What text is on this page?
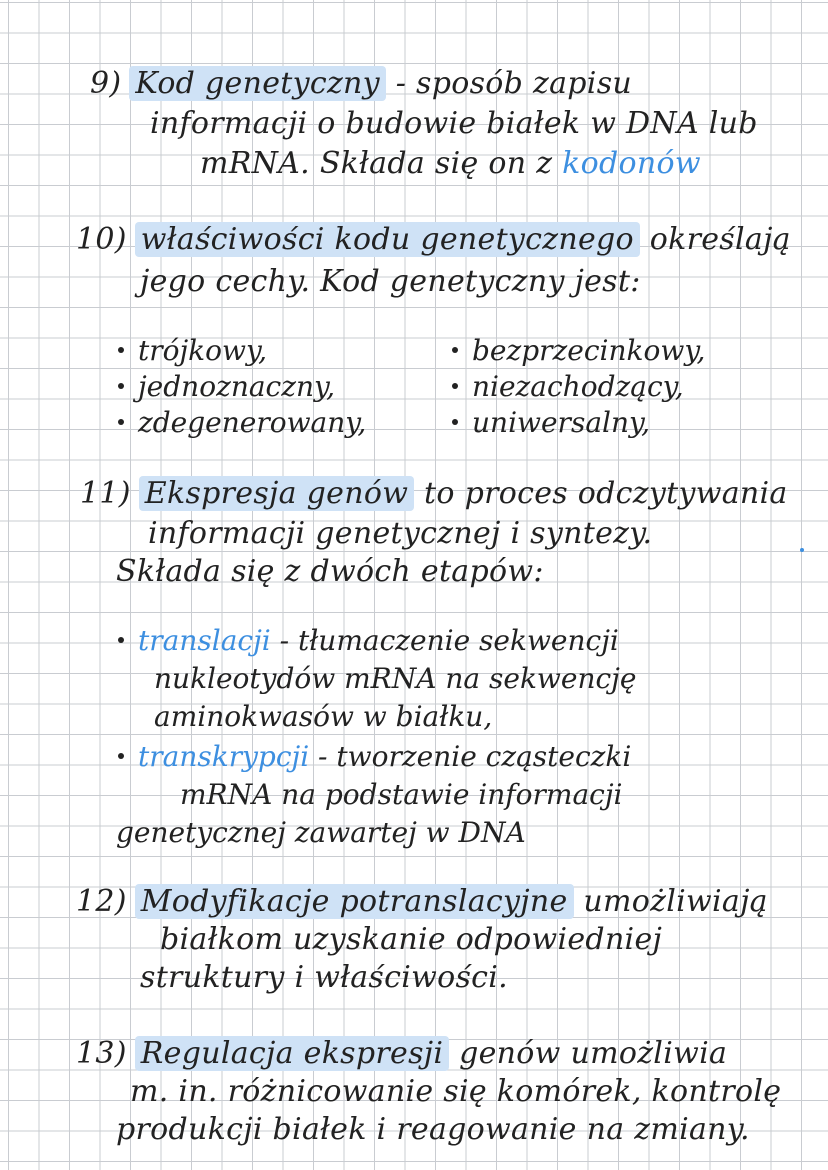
9) Kod genetyczny - sposób zapisu
informacji o budowie białek w DNA lub
mRNA. Składa się on z kodonów
10) właściwości kodu genetycznego określają
jego cechy. Kod genetyczny jest:
trójkowy,
jednoznaczny,
zdegenerowany,
bezprzecinkowy,
niezachodzący,
uniwersalny,
11) Ekspresja genów to proces odczytywania
informacji genetycznej i syntezy.
Składa się z dwóch etapów:
translacji - tłumaczenie sekwencji
nukleotydów mRNA na sekwencję
aminokwasów w białku,
transkrypcji - tworzenie cząsteczki
mRNA na podstawie informacji
genetycznej zawartej w DNA
12) Modyfikacje potranslacyjne umożliwiają
białkom uzyskanie odpowiedniej
struktury i właściwości.
13) Regulacja ekspresji genów umożliwia
m. in. różnicowanie się komórek, kontrolę
produkcji białek i reagowanie na zmiany.
